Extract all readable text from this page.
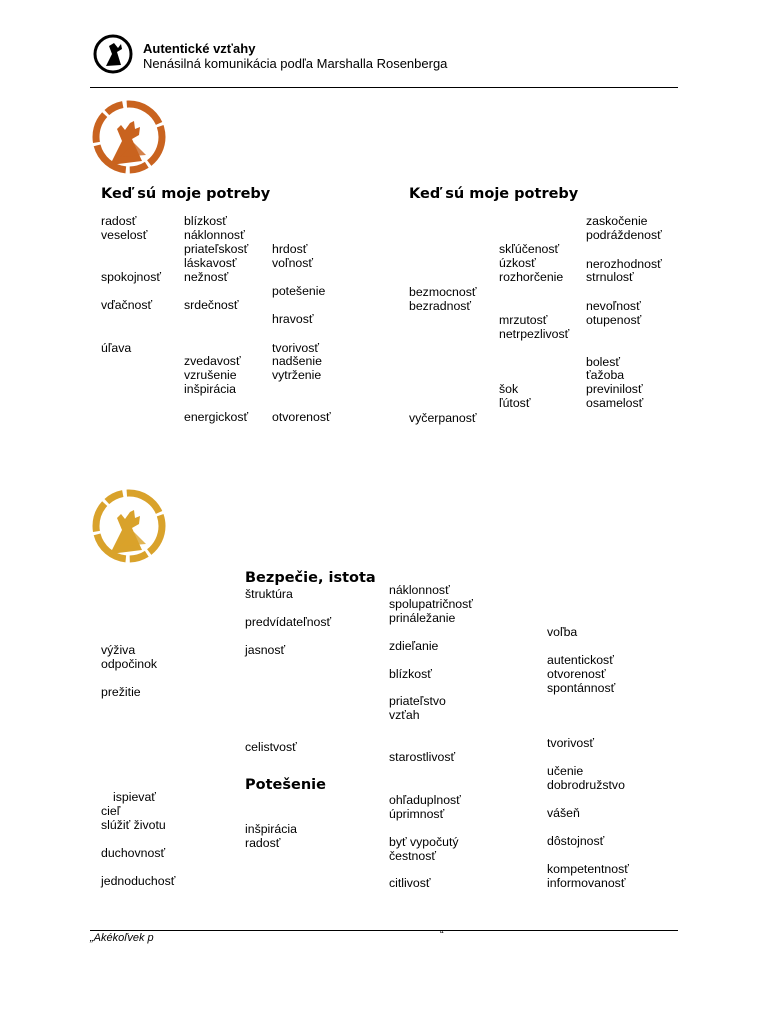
Autentické vzťahy
Nenásilná komunikácia podľa Marshalla Rosenberga
Keď sú moje potreby	Keď sú moje potreby
radosť
veselosť
spokojnosť
vďačnosť
úľava
blízkosť
náklonnosť
priateľskosť
láskavosť
nežnosť
srdečnosť
zvedavosť
vzrušenie
inšpirácia
energickosť
hrdosť
voľnosť
potešenie
hravosť
tvorivosť
nadšenie
vytrženie
otvorenosť
bezmocnosť
bezradnosť
vyčerpanosť
skľúčenosť
úzkosť
rozhorčenie
mrzutosť
netrpezlivosť
šok
ľútosť
zaskočenie
podráždenosť
nerozhodnosť
strnulosť
nevoľnosť
otupenosť
bolesť
ťažoba
previnilosť
osamelosť
výživa
odpočinok
prežitie
ispievať
cieľ
slúžiť životu
duchovnosť
jednoduchosť
Bezpečie, istota
štruktúra
predvídateľnosť
jasnosť
celistvosť
Potešenie
inšpirácia
radosť
náklonnosť
spolupatričnosť
prináležanie
zdieľanie
blízkosť
priateľstvo
vzťah
starostlivosť
ohľaduplnosť
úprimnosť
byť vypočutý
čestnosť
citlivosť
voľba
autentickosť
otvorenosť
spontánnosť
tvorivosť
učenie
dobrodružstvo
vášeň
dôstojnosť
kompetentnosť
informovanosť
„Akékoľvek p	“
